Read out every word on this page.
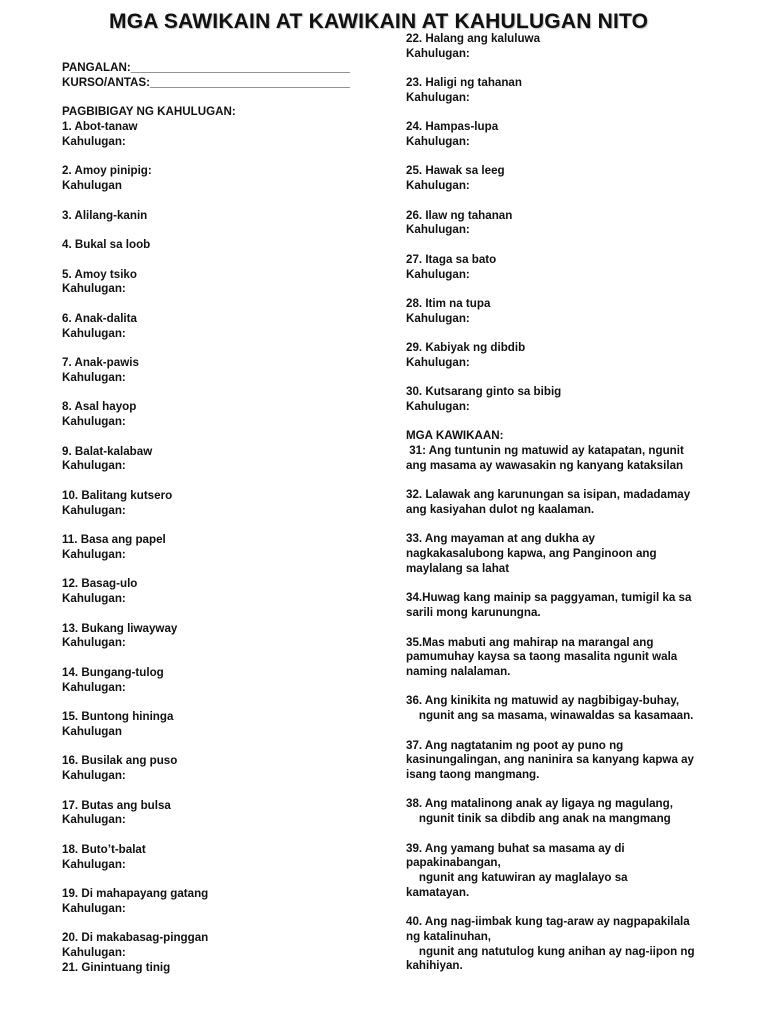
MGA SAWIKAIN AT KAWIKAIN AT KAHULUGAN NITO
PANGALAN:__________________________________
KURSO/ANTAS:_______________________________
PAGBIBIGAY NG KAHULUGAN:
1. Abot-tanaw
Kahulugan:
2. Amoy pinipig:
Kahulugan
3. Alilang-kanin
4. Bukal sa loob
5. Amoy tsiko
Kahulugan:
6. Anak-dalita
Kahulugan:
7. Anak-pawis
Kahulugan:
8. Asal hayop
Kahulugan:
9. Balat-kalabaw
Kahulugan:
10. Balitang kutsero
Kahulugan:
11. Basa ang papel
Kahulugan:
12. Basag-ulo
Kahulugan:
13. Bukang liwayway
Kahulugan:
14. Bungang-tulog
Kahulugan:
15. Buntong hininga
Kahulugan
16. Busilak ang puso
Kahulugan:
17. Butas ang bulsa
Kahulugan:
18. Buto’t-balat
Kahulugan:
19. Di mahapayang gatang
Kahulugan:
20. Di makabasag-pinggan
Kahulugan:
21. Ginintuang tinig
22. Halang ang kaluluwa
Kahulugan:
23. Haligi ng tahanan
Kahulugan:
24. Hampas-lupa
Kahulugan:
25. Hawak sa leeg
Kahulugan:
26. Ilaw ng tahanan
Kahulugan:
27. Itaga sa bato
Kahulugan:
28. Itim na tupa
Kahulugan:
29. Kabiyak ng dibdib
Kahulugan:
30. Kutsarang ginto sa bibig
Kahulugan:
MGA KAWIKAAN:
31: Ang tuntunin ng matuwid ay katapatan, ngunit
ang masama ay wawasakin ng kanyang kataksilan
32. Lalawak ang karunungan sa isipan, madadamay
ang kasiyahan dulot ng kaalaman.
33. Ang mayaman at ang dukha ay
nagkakasalubong kapwa, ang Panginoon ang
maylalang sa lahat
34.Huwag kang mainip sa paggyaman, tumigil ka sa
sarili mong karunungna.
35.Mas mabuti ang mahirap na marangal ang
pamumuhay kaysa sa taong masalita ngunit wala
naming nalalaman.
36. Ang kinikita ng matuwid ay nagbibigay-buhay,
ngunit ang sa masama, winawaldas sa kasamaan.
37. Ang nagtatanim ng poot ay puno ng
kasinungalingan, ang naninira sa kanyang kapwa ay
isang taong mangmang.
38. Ang matalinong anak ay ligaya ng magulang,
ngunit tinik sa dibdib ang anak na mangmang
39. Ang yamang buhat sa masama ay di
papakinabangan,
ngunit ang katuwiran ay maglalayo sa
kamatayan.
40. Ang nag-iimbak kung tag-araw ay nagpapakilala
ng katalinuhan,
ngunit ang natutulog kung anihan ay nag-iipon ng
kahihiyan.
